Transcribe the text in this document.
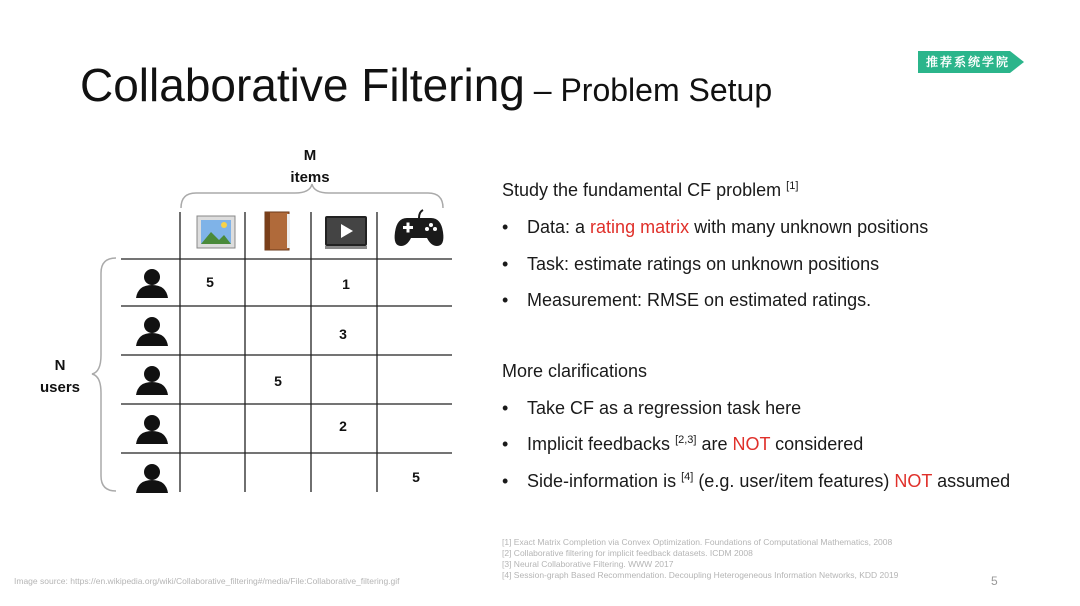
Collaborative Filtering – Problem Setup
推荐系统学院
M
items
N
users
5	1
3
5
2
5
Study the fundamental CF problem [1]
• Data: a rating matrix with many unknown positions
• Task: estimate ratings on unknown positions
• Measurement: RMSE on estimated ratings.
More clarifications
• Take CF as a regression task here
• Implicit feedbacks [2,3] are NOT considered
• Side-information is [4] (e.g. user/item features) NOT assumed
[1] Exact Matrix Completion via Convex Optimization. Foundations of Computational Mathematics, 2008
[2] Collaborative filtering for implicit feedback datasets. ICDM 2008
[3] Neural Collaborative Filtering. WWW 2017
[4] Session-graph Based Recommendation. Decoupling Heterogeneous Information Networks, KDD 2019
Image source: https://en.wikipedia.org/wiki/Collaborative_filtering#/media/File:Collaborative_filtering.gif	5
